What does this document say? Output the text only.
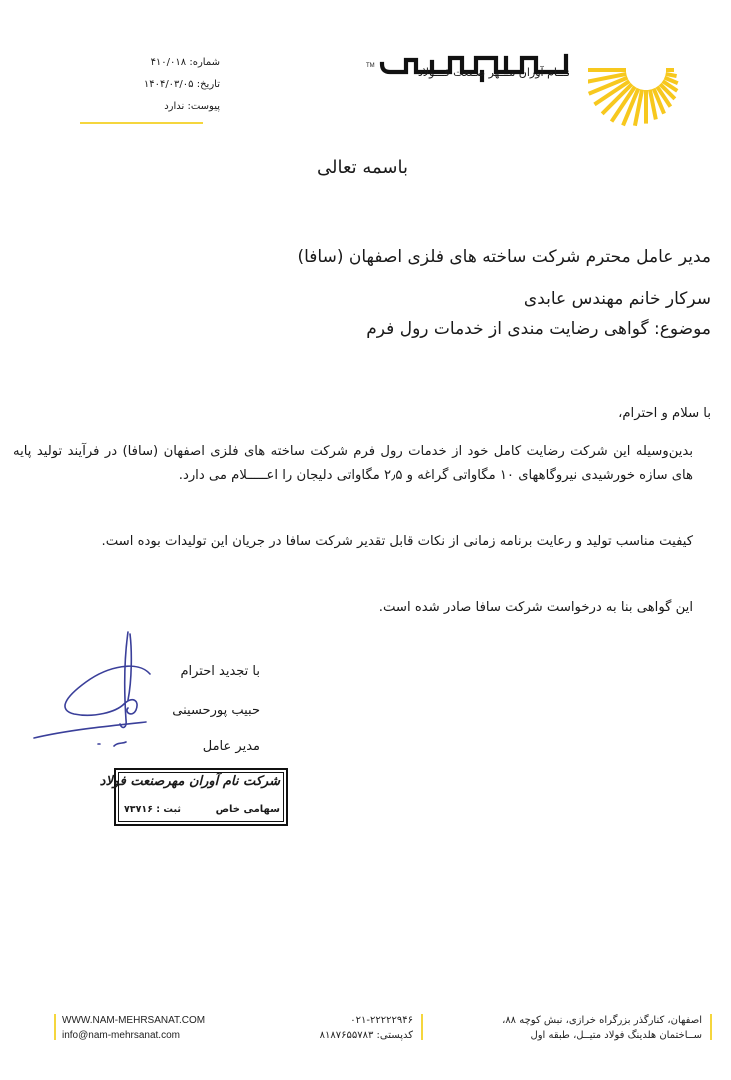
شماره: ۴۱۰/۰۱۸
تاریخ: ۱۴۰۴/۰۳/۰۵
پیوست: ندارد
TM	نـــام آوران مـــهر صـنعت فـــولاد
باسمه تعالی
مدیر عامل محترم شرکت ساخته های فلزی اصفهان (سافا)
سرکار خانم مهندس عابدی
موضوع: گواهی رضایت مندی از خدمات رول فرم
با سلام و احترام،
بدین‌وسیله این شرکت رضایت کامل خود از خدمات رول فرم شرکت ساخته های فلزی اصفهان (سافا) در فرآیند تولید پایه های سازه خورشیدی نیروگاههای ۱۰ مگاواتی گراغه و ۲٫۵ مگاواتی دلیجان را اعـــــلام می دارد.
کیفیت مناسب تولید و رعایت برنامه زمانی از نکات قابل تقدیر شرکت سافا در جریان این تولیدات بوده است.
این گواهی بنا به درخواست شرکت سافا صادر شده است.
با تجدید احترام
حبیب پورحسینی
مدیر عامل
شرکت نام آوران مهرصنعت فولاد
سهامی خاص
ثبت : ۷۳۷۱۶
WWW.NAM-MEHRSANAT.COM
info@nam-mehrsanat.com
۰۲۱-۲۲۲۲۲۹۴۶
کدپستی: ۸۱۸۷۶۵۵۷۸۳
اصفهان، کنارگذر بزرگراه خرازی، نبش کوچه ۸۸،
ســاختمان هلدینگ فولاد متیــل، طبقه اول
